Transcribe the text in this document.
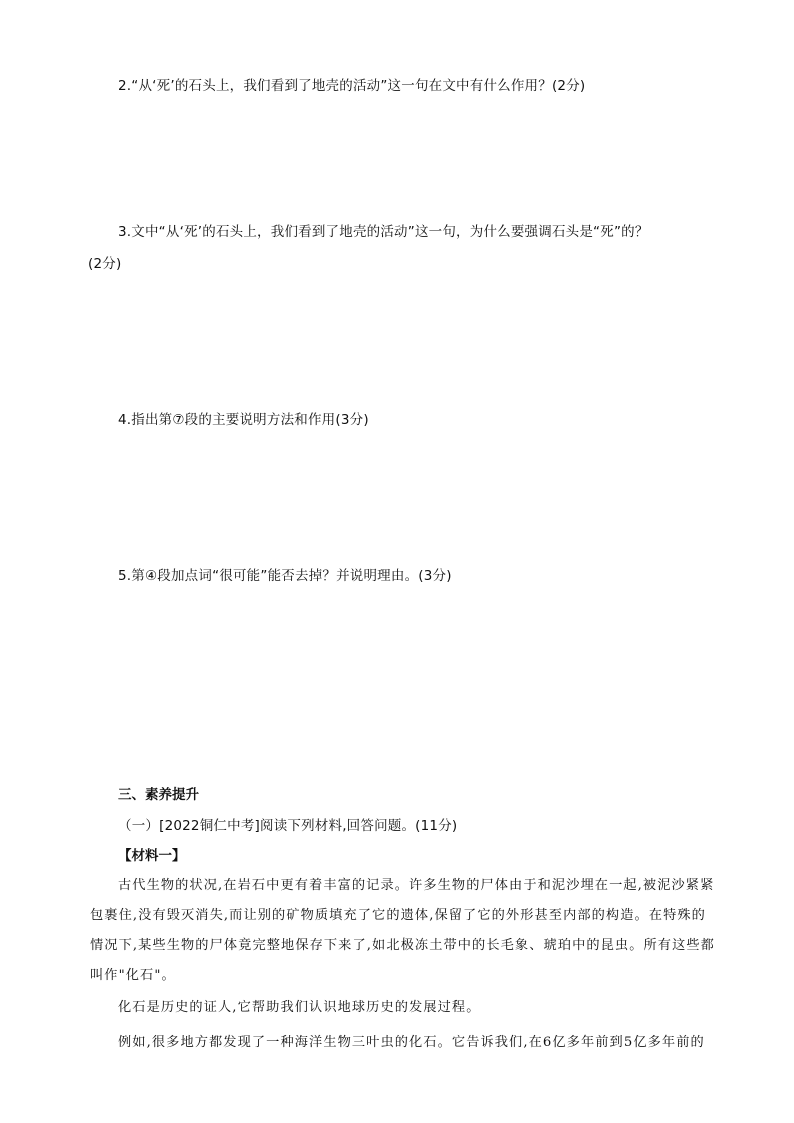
2.“从‘死’的石头上，我们看到了地壳的活动”这一句在文中有什么作用？(2分)

3.文中“从‘死’的石头上，我们看到了地壳的活动”这一句，为什么要强调石头是“死”的？

(2分)

4.指出第⑦段的主要说明方法和作用(3分)

5.第④段加点词“很可能”能否去掉？并说明理由。(3分)

三、素养提升

（一）[2022铜仁中考]阅读下列材料,回答问题。(11分)

【材料一】

古代生物的状况,在岩石中更有着丰富的记录。许多生物的尸体由于和泥沙埋在一起,被泥沙紧紧

包裹住,没有毁灭消失,而让别的矿物质填充了它的遗体,保留了它的外形甚至内部的构造。在特殊的

情况下,某些生物的尸体竟完整地保存下来了,如北极冻土带中的长毛象、琥珀中的昆虫。所有这些都

叫作"化石"。

化石是历史的证人,它帮助我们认识地球历史的发展过程。

例如,很多地方都发现了一种海洋生物三叶虫的化石。它告诉我们,在6亿多年前到5亿多年前的
